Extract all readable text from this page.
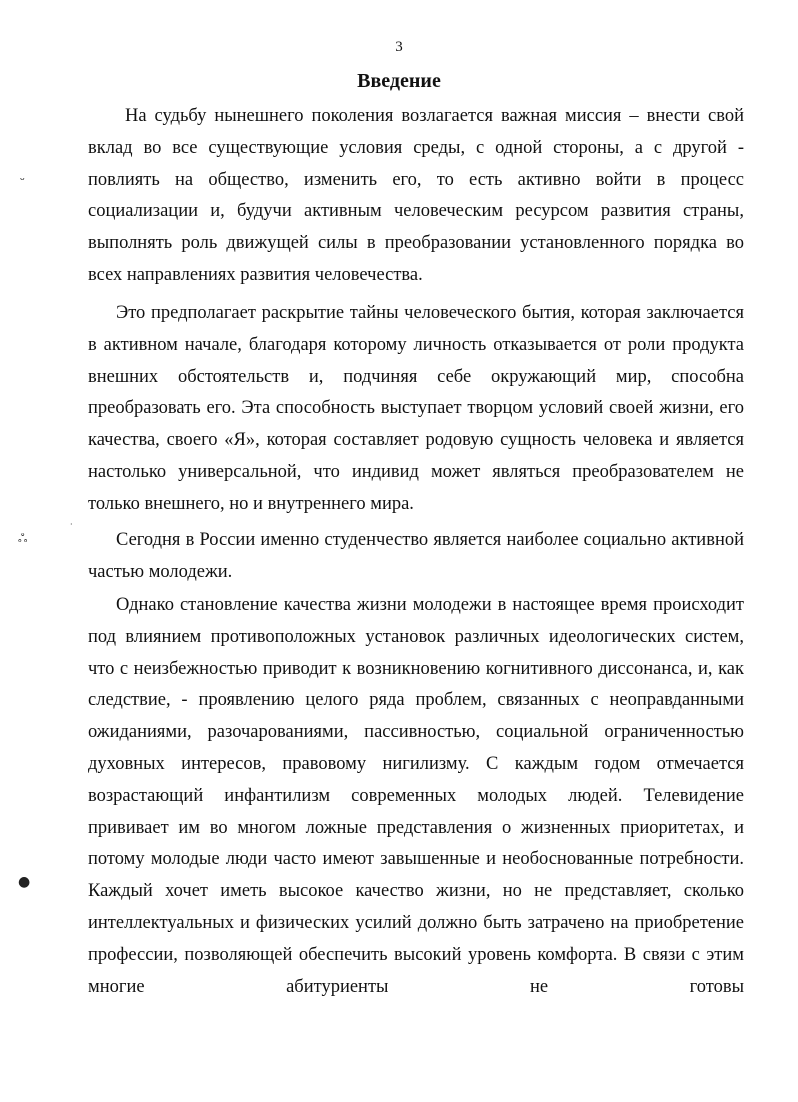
3
Введение

На судьбу нынешнего поколения возлагается важная миссия – внести свой вклад во все существующие условия среды, с одной стороны, а с другой - повлиять на общество, изменить его, то есть активно войти в процесс социализации и, будучи активным человеческим ресурсом развития страны, выполнять роль движущей силы в преобразовании установленного порядка во всех направлениях развития человечества.

Это предполагает раскрытие тайны человеческого бытия, которая заключается в активном начале, благодаря которому личность отказывается от роли продукта внешних обстоятельств и, подчиняя себе окружающий мир, способна преобразовать его. Эта способность выступает творцом условий своей жизни, его качества, своего «Я», которая составляет родовую сущность человека и является настолько универсальной, что индивид может являться преобразователем не только внешнего, но и внутреннего мира.

Сегодня в России именно студенчество является наиболее социально активной частью молодежи.

Однако становление качества жизни молодежи в настоящее время происходит под влиянием противоположных установок различных идеологических систем, что с неизбежностью приводит к возникновению когнитивного диссонанса, и, как следствие, - проявлению целого ряда проблем, связанных с неоправданными ожиданиями, разочарованиями, пассивностью, социальной ограниченностью духовных интересов, правовому нигилизму. С каждым годом отмечается возрастающий инфантилизм современных молодых людей. Телевидение прививает им во многом ложные представления о жизненных приоритетах, и потому молодые люди часто имеют завышенные и необоснованные потребности. Каждый хочет иметь высокое качество жизни, но не представляет, сколько интеллектуальных и физических усилий должно быть затрачено на приобретение профессии, позволяющей обеспечить высокий уровень комфорта. В связи с этим многие абитуриенты не готовы

ᵕ
ஃ
·
●
